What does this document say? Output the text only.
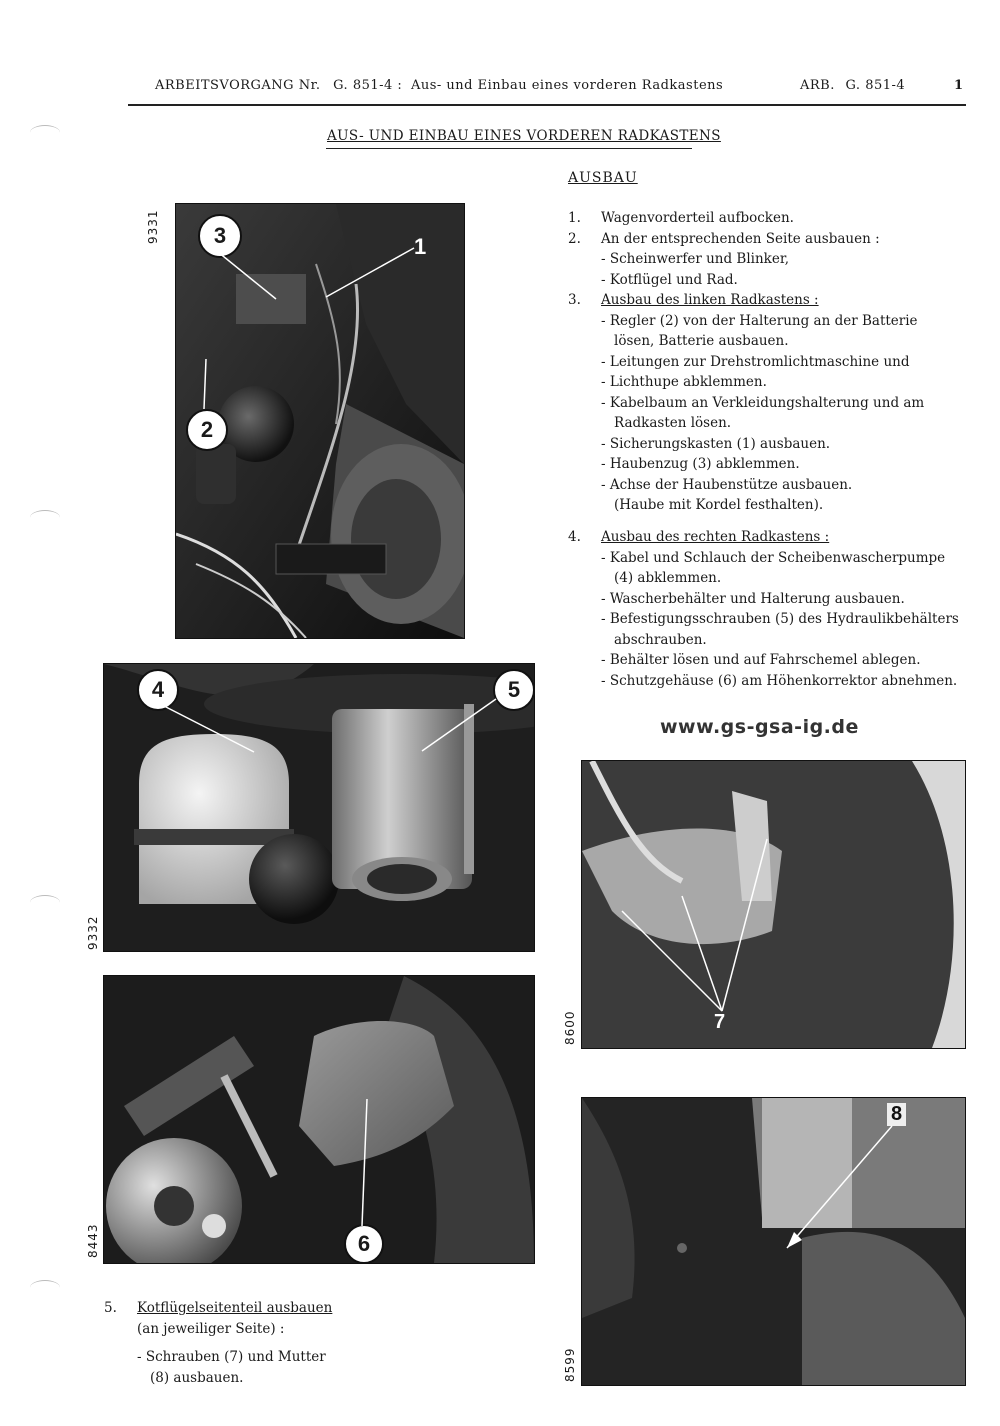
ARBEITSVORGANG Nr. G. 851-4 : Aus- und Einbau eines vorderen Radkastens	ARB. G. 851-4	1
AUS- UND EINBAU EINES VORDEREN RADKASTENS
AUSBAU
1. Wagenvorderteil aufbocken.
2. An der entsprechenden Seite ausbauen :
- Scheinwerfer und Blinker,
- Kotflügel und Rad.
3. Ausbau des linken Radkastens :
- Regler (2) von der Halterung an der Batterie
lösen, Batterie ausbauen.
- Leitungen zur Drehstromlichtmaschine und
- Lichthupe abklemmen.
- Kabelbaum an Verkleidungshalterung und am
Radkasten lösen.
- Sicherungskasten (1) ausbauen.
- Haubenzug (3) abklemmen.
- Achse der Haubenstütze ausbauen.
(Haube mit Kordel festhalten).
4. Ausbau des rechten Radkastens :
- Kabel und Schlauch der Scheibenwascherpumpe
(4) abklemmen.
- Wascherbehälter und Halterung ausbauen.
- Befestigungsschrauben (5) des Hydraulikbehälters
abschrauben.
- Behälter lösen und auf Fahrschemel ablegen.
- Schutzgehäuse (6) am Höhenkorrektor abnehmen.
www.gs-gsa-ig.de
9331	3
2
1
9332
4	5
8443	6
5. Kotflügelseitenteil ausbauen
(an jeweiliger Seite) :
- Schrauben (7) und Mutter
(8) ausbauen.
8600	7
8599
8
